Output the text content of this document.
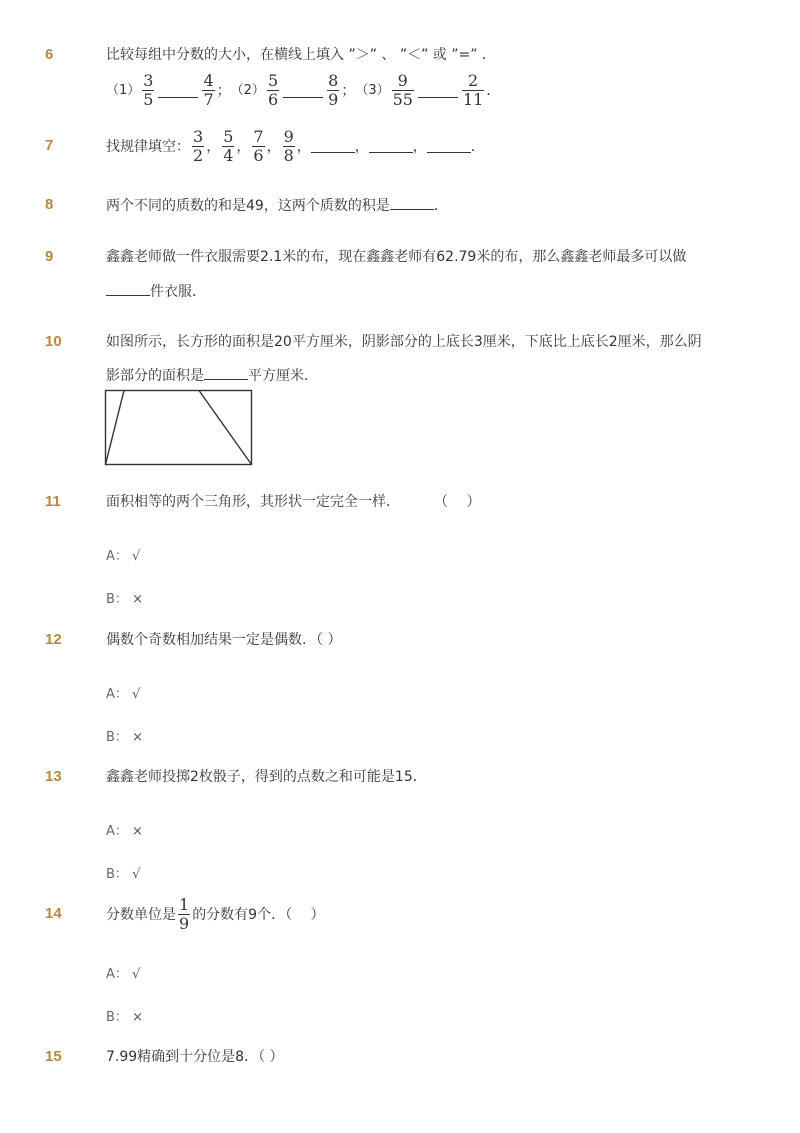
6	比较每组中分数的大小，在横线上填入 ”＞” 、 ”＜” 或 ”=” ．
$(1) \frac{3}{5}$	$\frac{4}{7}$ ； $(2) \frac{5}{6}$	$\frac{8}{9}$ ； $(3) \frac{9}{55}$	$\frac{2}{11}$ ．
7	找规律填空： $\frac{3}{2}$ ， $\frac{5}{4}$ ， $\frac{7}{6}$ ， $\frac{9}{8}$ ，	，	，	．
8	两个不同的质数的和是49，这两个质数的积是	．
9	鑫鑫老师做一件衣服需要2.1米的布，现在鑫鑫老师有62.79米的布，那么鑫鑫老师最多可以做
件衣服．
10	如图所示，长方形的面积是20平方厘米，阴影部分的上底长3厘米，下底比上底长2厘米，那么阴
影部分的面积是	平方厘米．
11	面积相等的两个三角形，其形状一定完全一样． （　 ）
A： √
B： ×
12	偶数个奇数相加结果一定是偶数．（ ）
A： √
B： ×
13	鑫鑫老师投掷2枚骰子，得到的点数之和可能是15．
A： ×
B： √
14	分数单位是 $\frac{1}{9}$ 的分数有9个．（　 ）
A： √
B： ×
15	7.99精确到十分位是8．（ ）
